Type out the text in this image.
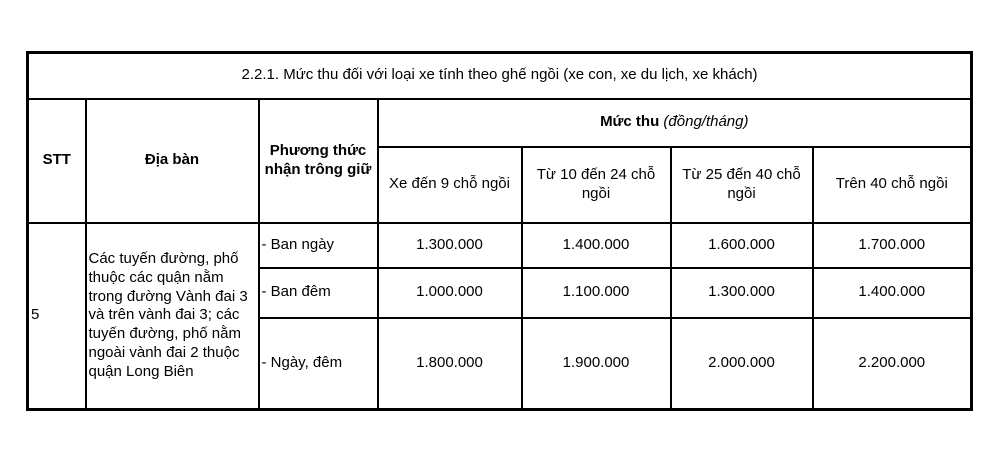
2.2.1. Mức thu đối với loại xe tính theo ghế ngồi (xe con, xe du lịch, xe khách)						
STT	Địa bàn	Phương thức nhận trông giữ	Mức thu (đồng/tháng)			
			Xe đến 9 chỗ ngồi	Từ 10 đến 24 chỗ ngồi	Từ 25 đến 40 chỗ ngồi	Trên 40 chỗ ngồi
5	Các tuyến đường, phố thuộc các quận nằm trong đường Vành đai 3 và trên vành đai 3; các tuyến đường, phố nằm ngoài vành đai 2 thuộc quận Long Biên	- Ban ngày	1.300.000	1.400.000	1.600.000	1.700.000
		- Ban đêm	1.000.000	1.100.000	1.300.000	1.400.000
		- Ngày, đêm	1.800.000	1.900.000	2.000.000	2.200.000
